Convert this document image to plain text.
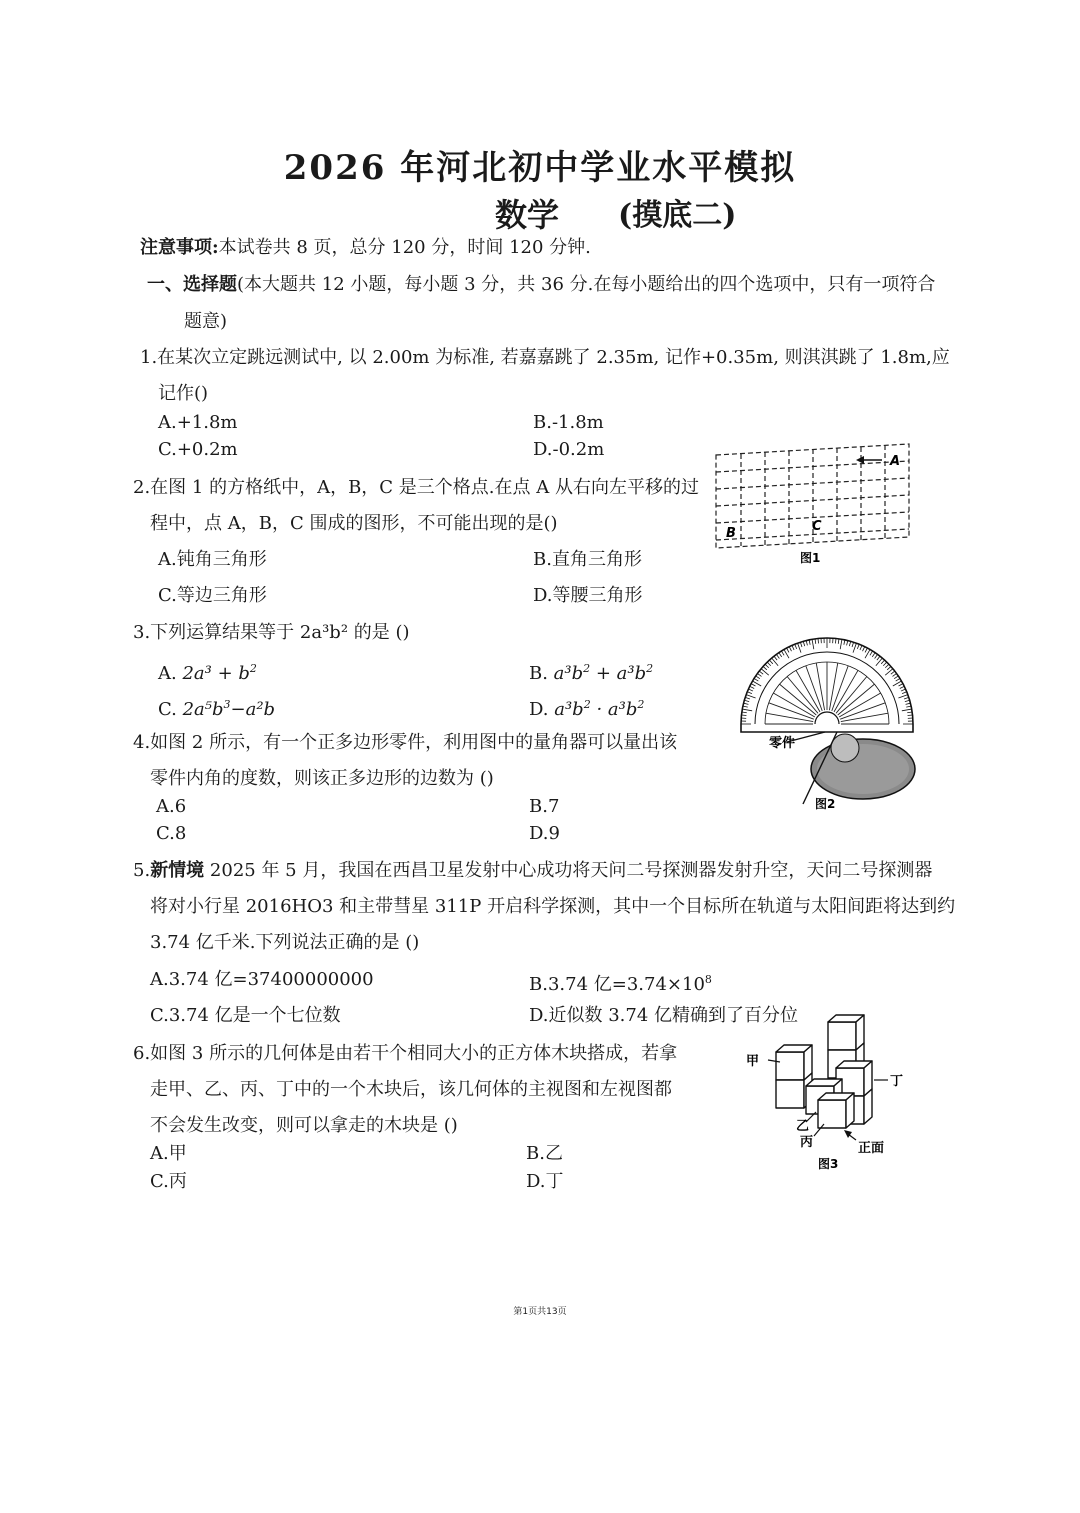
2026 年河北初中学业水平模拟
数学 (摸底二)
注意事项:本试卷共 8 页，总分 120 分，时间 120 分钟.
一、选择题(本大题共 12 小题，每小题 3 分，共 36 分.在每小题给出的四个选项中，只有一项符合
题意)
1.在某次立定跳远测试中, 以 2.00m 为标准, 若嘉嘉跳了 2.35m, 记作+0.35m, 则淇淇跳了 1.8m,应
记作()
A.+1.8m	B.-1.8m
C.+0.2m	D.-0.2m
2.在图 1 的方格纸中，A，B，C 是三个格点.在点 A 从右向左平移的过
程中，点 A，B，C 围成的图形，不可能出现的是()
A.钝角三角形	B.直角三角形
C.等边三角形	D.等腰三角形
A
B	C
图1
3.下列运算结果等于 2a³b² 的是 ()
A. $2a^3 + b^2$	B. $a^3b^2 + a^3b^2$
C. $2a^5b^3-a^2b$	D. $a^3b^2 \cdot a^3b^2$
零件
图2
4.如图 2 所示，有一个正多边形零件，利用图中的量角器可以量出该
零件内角的度数，则该正多边形的边数为 ()
A.6	B.7
C.8	D.9
5.新情境 2025 年 5 月，我国在西昌卫星发射中心成功将天问二号探测器发射升空，天问二号探测器
将对小行星 2016HO3 和主带彗星 311P 开启科学探测，其中一个目标所在轨道与太阳间距将达到约
3.74 亿千米.下列说法正确的是 ()
A.3.74 亿=37400000000	B.3.74 亿$=3.74\times 10^8$
C.3.74 亿是一个七位数	D.近似数 3.74 亿精确到了百分位
甲
乙
丙
丁
正面
图3
6.如图 3 所示的几何体是由若干个相同大小的正方体木块搭成，若拿
走甲、乙、丙、丁中的一个木块后，该几何体的主视图和左视图都
不会发生改变，则可以拿走的木块是 ()
A.甲	B.乙
C.丙	D.丁
第1页共13页
